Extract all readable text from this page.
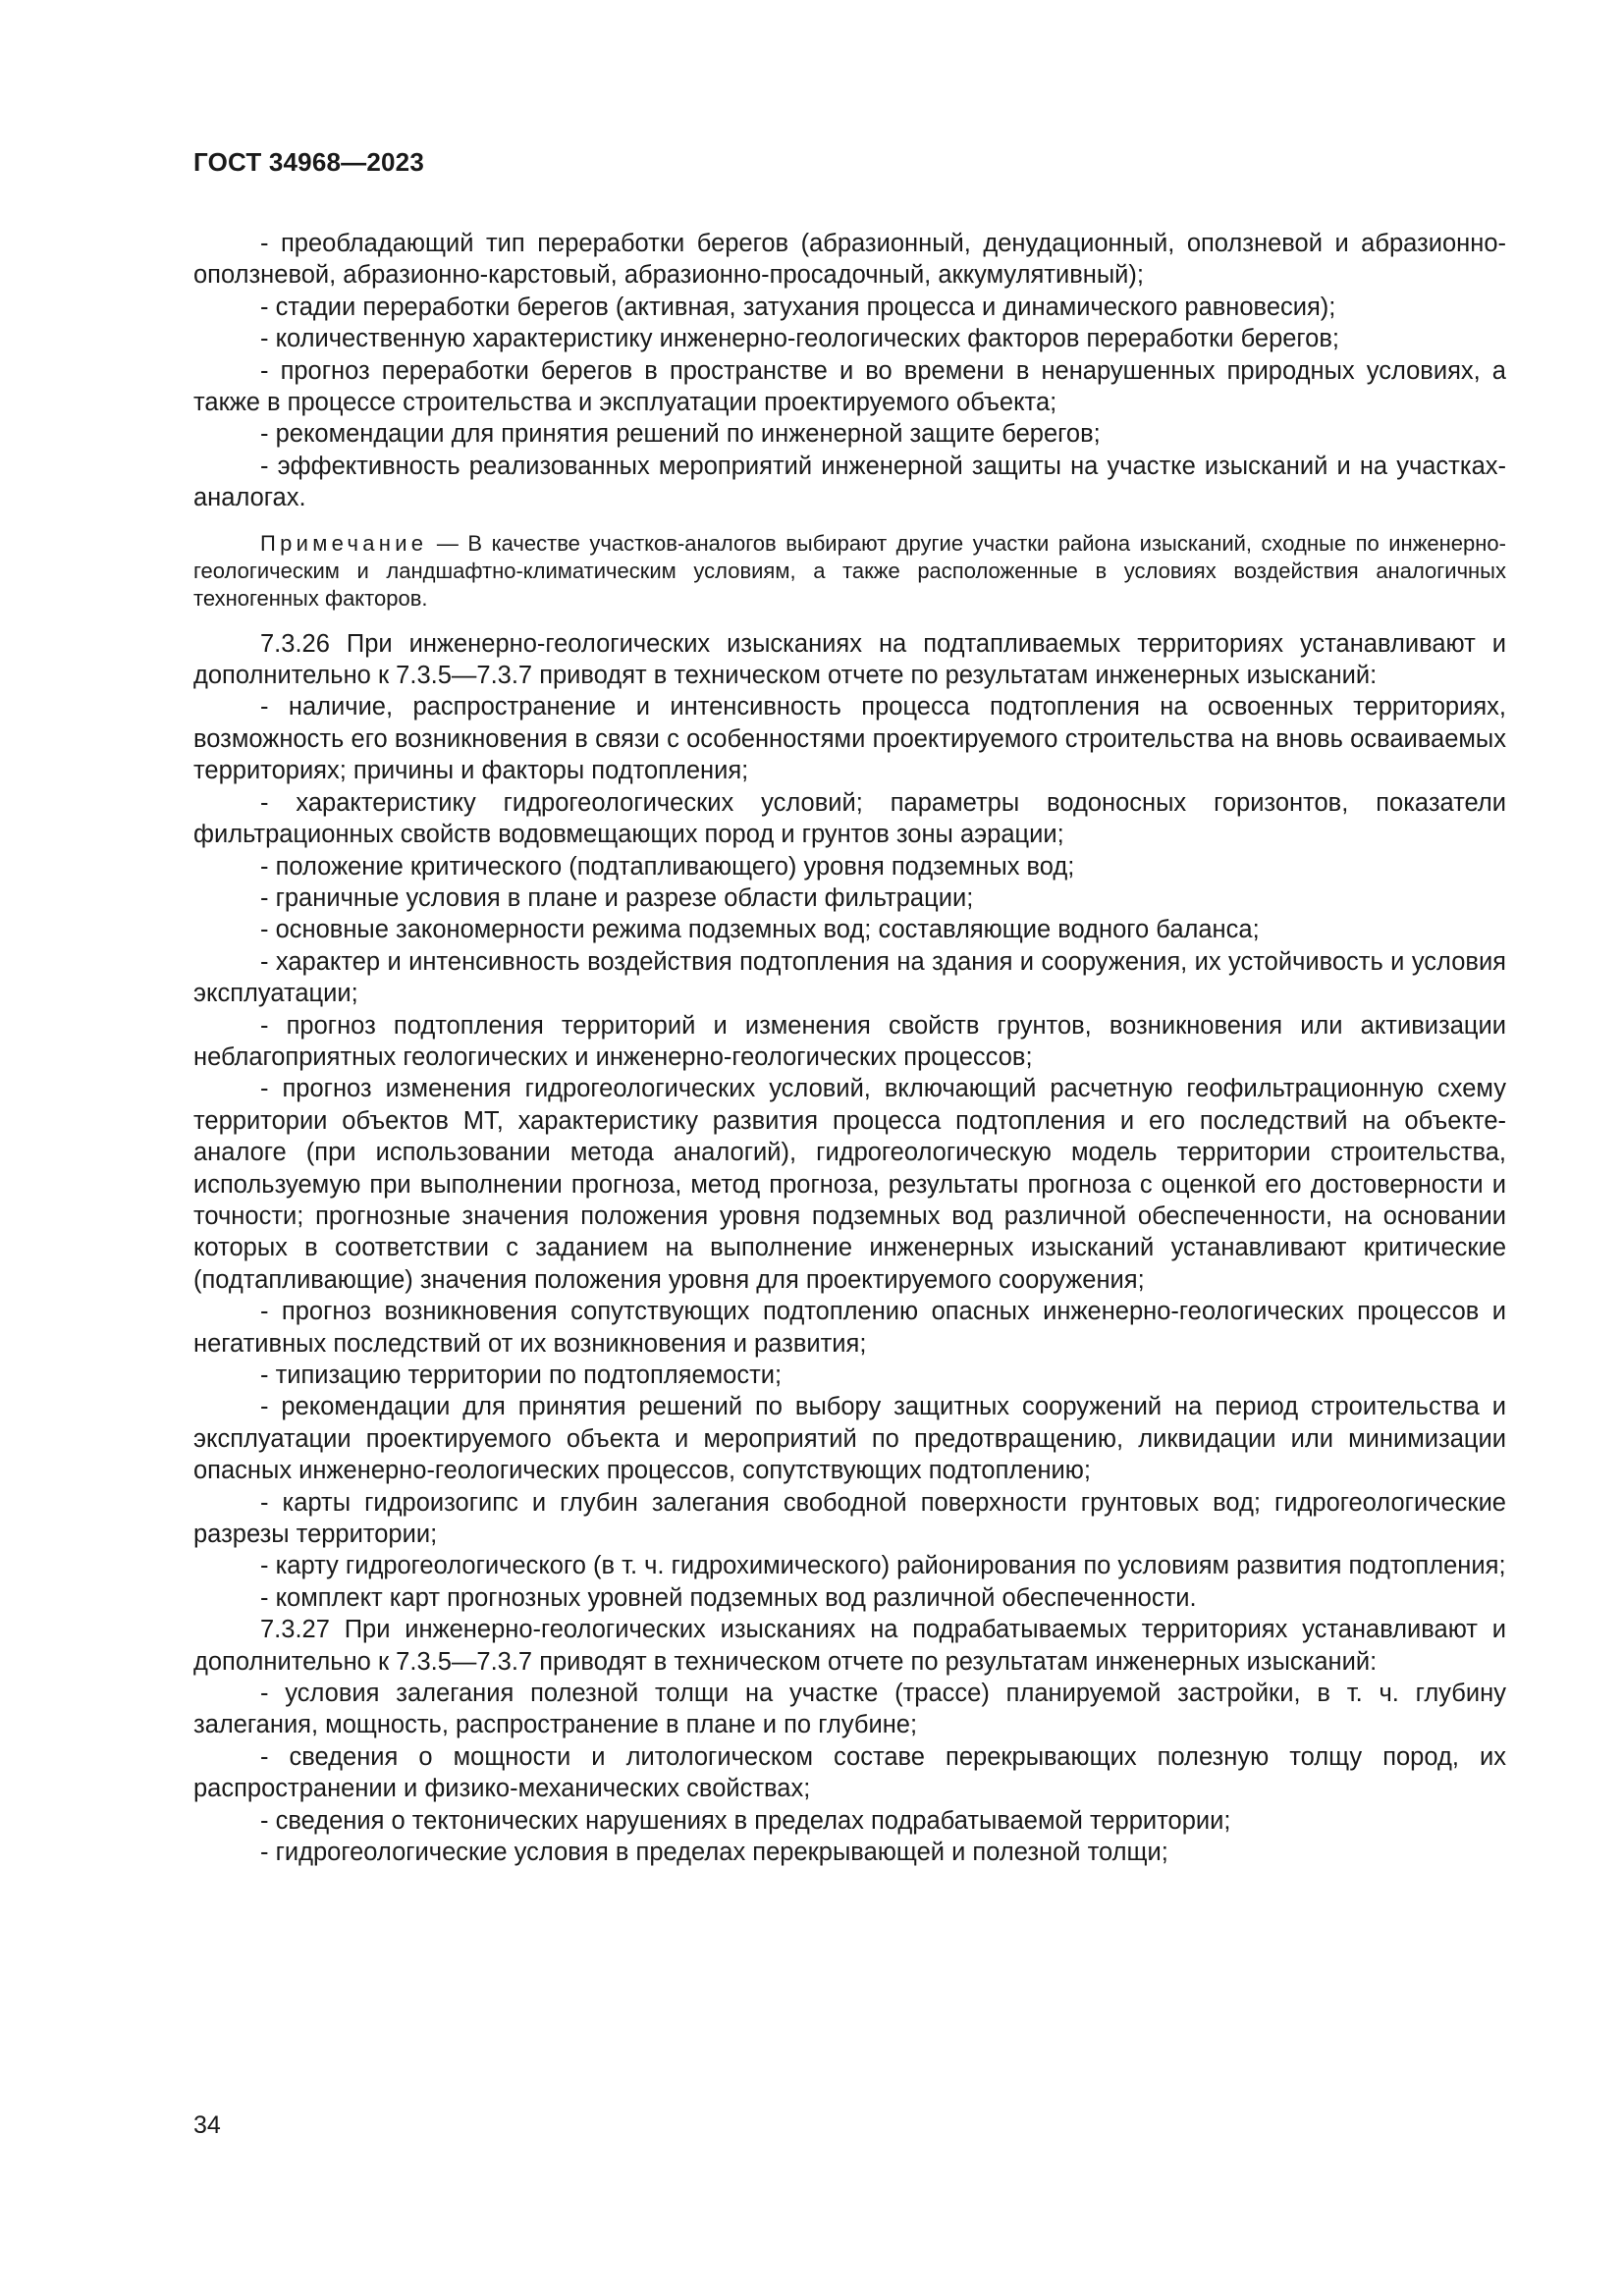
ГОСТ 34968—2023

- преобладающий тип переработки берегов (абразионный, денудационный, оползневой и абразионно-оползневой, абразионно-карстовый, абразионно-просадочный, аккумулятивный);

- стадии переработки берегов (активная, затухания процесса и динамического равновесия);

- количественную характеристику инженерно-геологических факторов переработки берегов;

- прогноз переработки берегов в пространстве и во времени в ненарушенных природных условиях, а также в процессе строительства и эксплуатации проектируемого объекта;

- рекомендации для принятия решений по инженерной защите берегов;

- эффективность реализованных мероприятий инженерной защиты на участке изысканий и на участках-аналогах.

Примечание — В качестве участков-аналогов выбирают другие участки района изысканий, сходные по инженерно-геологическим и ландшафтно-климатическим условиям, а также расположенные в условиях воздействия аналогичных техногенных факторов.

7.3.26 При инженерно-геологических изысканиях на подтапливаемых территориях устанавливают и дополнительно к 7.3.5—7.3.7 приводят в техническом отчете по результатам инженерных изысканий:

- наличие, распространение и интенсивность процесса подтопления на освоенных территориях, возможность его возникновения в связи с особенностями проектируемого строительства на вновь осваиваемых территориях; причины и факторы подтопления;

- характеристику гидрогеологических условий; параметры водоносных горизонтов, показатели фильтрационных свойств водовмещающих пород и грунтов зоны аэрации;

- положение критического (подтапливающего) уровня подземных вод;

- граничные условия в плане и разрезе области фильтрации;

- основные закономерности режима подземных вод; составляющие водного баланса;

- характер и интенсивность воздействия подтопления на здания и сооружения, их устойчивость и условия эксплуатации;

- прогноз подтопления территорий и изменения свойств грунтов, возникновения или активизации неблагоприятных геологических и инженерно-геологических процессов;

- прогноз изменения гидрогеологических условий, включающий расчетную геофильтрационную схему территории объектов МТ, характеристику развития процесса подтопления и его последствий на объекте-аналоге (при использовании метода аналогий), гидрогеологическую модель территории строительства, используемую при выполнении прогноза, метод прогноза, результаты прогноза с оценкой его достоверности и точности; прогнозные значения положения уровня подземных вод различной обеспеченности, на основании которых в соответствии с заданием на выполнение инженерных изысканий устанавливают критические (подтапливающие) значения положения уровня для проектируемого сооружения;

- прогноз возникновения сопутствующих подтоплению опасных инженерно-геологических процессов и негативных последствий от их возникновения и развития;

- типизацию территории по подтопляемости;

- рекомендации для принятия решений по выбору защитных сооружений на период строительства и эксплуатации проектируемого объекта и мероприятий по предотвращению, ликвидации или минимизации опасных инженерно-геологических процессов, сопутствующих подтоплению;

- карты гидроизогипс и глубин залегания свободной поверхности грунтовых вод; гидрогеологические разрезы территории;

- карту гидрогеологического (в т. ч. гидрохимического) районирования по условиям развития подтопления;

- комплект карт прогнозных уровней подземных вод различной обеспеченности.

7.3.27 При инженерно-геологических изысканиях на подрабатываемых территориях устанавливают и дополнительно к 7.3.5—7.3.7 приводят в техническом отчете по результатам инженерных изысканий:

- условия залегания полезной толщи на участке (трассе) планируемой застройки, в т. ч. глубину залегания, мощность, распространение в плане и по глубине;

- сведения о мощности и литологическом составе перекрывающих полезную толщу пород, их распространении и физико-механических свойствах;

- сведения о тектонических нарушениях в пределах подрабатываемой территории;

- гидрогеологические условия в пределах перекрывающей и полезной толщи;

34
